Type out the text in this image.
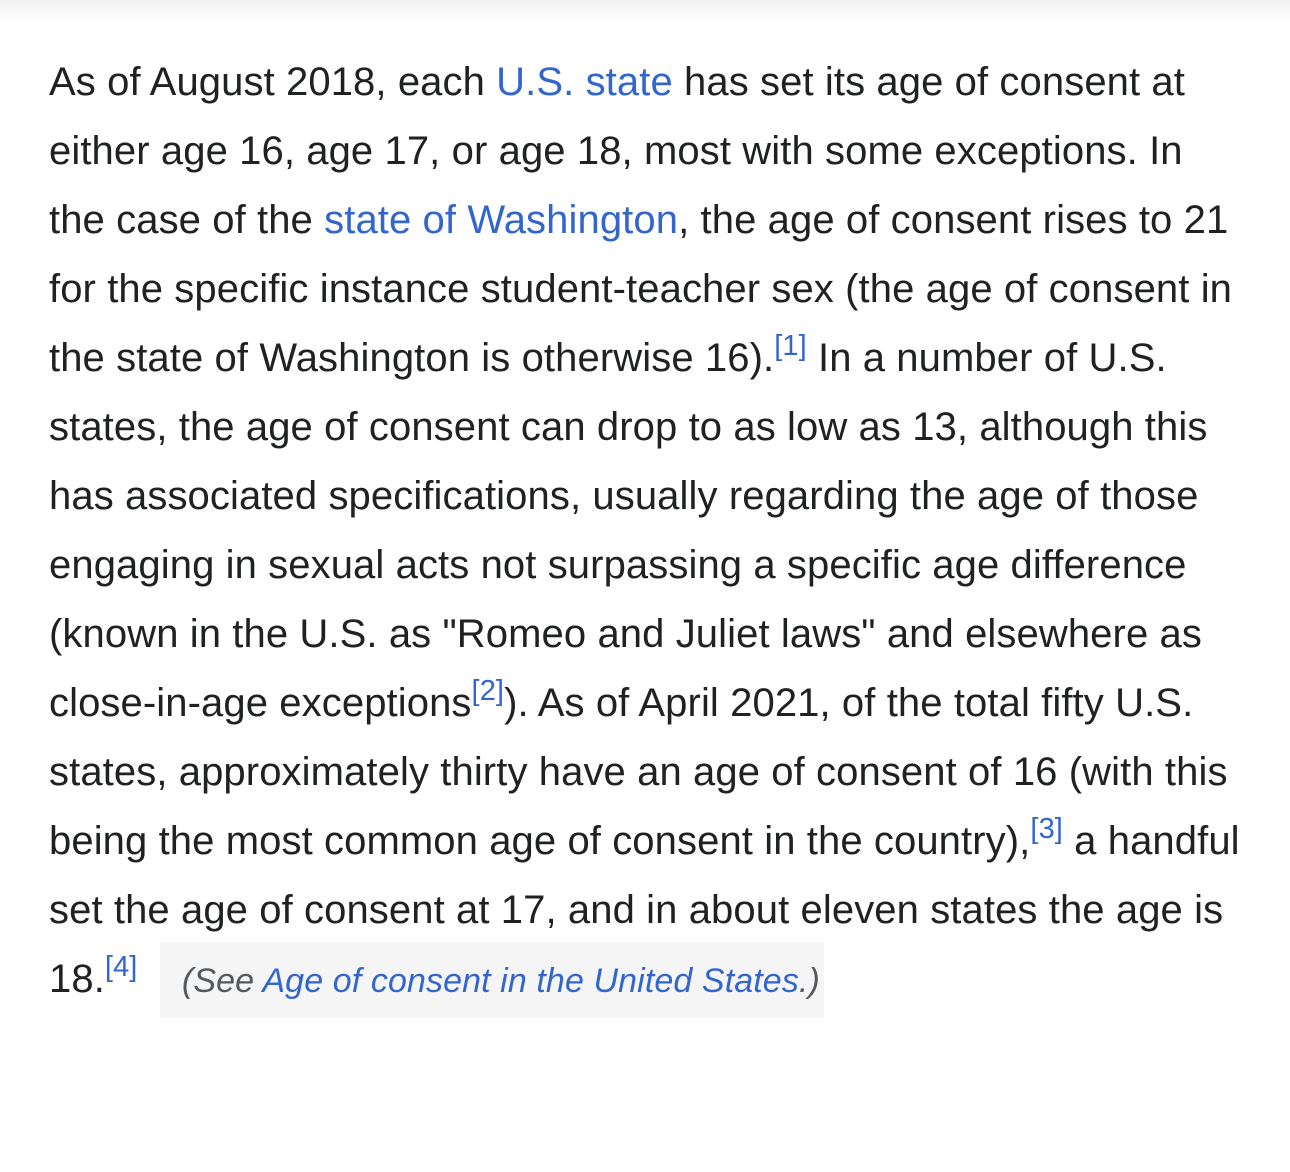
As of August 2018, each U.S. state has set its age of consent at either age 16, age 17, or age 18, most with some exceptions. In the case of the state of Washington, the age of consent rises to 21 for the specific instance student-teacher sex (the age of consent in the state of Washington is otherwise 16).[1] In a number of U.S. states, the age of consent can drop to as low as 13, although this has associated specifications, usually regarding the age of those engaging in sexual acts not surpassing a specific age difference (known in the U.S. as "Romeo and Juliet laws" and elsewhere as close-in-age exceptions[2]). As of April 2021, of the total fifty U.S. states, approximately thirty have an age of consent of 16 (with this being the most common age of consent in the country),[3] a handful set the age of consent at 17, and in about eleven states the age is 18.[4] (See Age of consent in the United States.)
